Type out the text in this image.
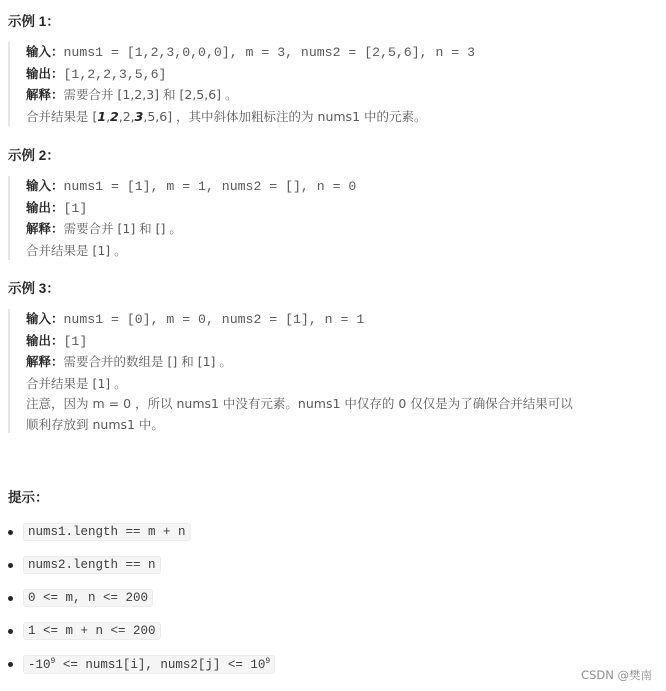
示例 1：
输入：nums1 = [1,2,3,0,0,0], m = 3, nums2 = [2,5,6], n = 3
输出：[1,2,2,3,5,6]
解释：需要合并 [1,2,3] 和 [2,5,6] 。
合并结果是 [1,2,2,3,5,6] ，其中斜体加粗标注的为 nums1 中的元素。
示例 2：
输入：nums1 = [1], m = 1, nums2 = [], n = 0
输出：[1]
解释：需要合并 [1] 和 [] 。
合并结果是 [1] 。
示例 3：
输入：nums1 = [0], m = 0, nums2 = [1], n = 1
输出：[1]
解释：需要合并的数组是 [] 和 [1] 。
合并结果是 [1] 。
注意，因为 m = 0 ，所以 nums1 中没有元素。nums1 中仅存的 0 仅仅是为了确保合并结果可以
顺利存放到 nums1 中。
提示：
nums1.length == m + n
nums2.length == n
0 <= m, n <= 200
1 <= m + n <= 200
$-10^9$ <= nums1[i], nums2[j] <= $10^9$
CSDN @樊南
